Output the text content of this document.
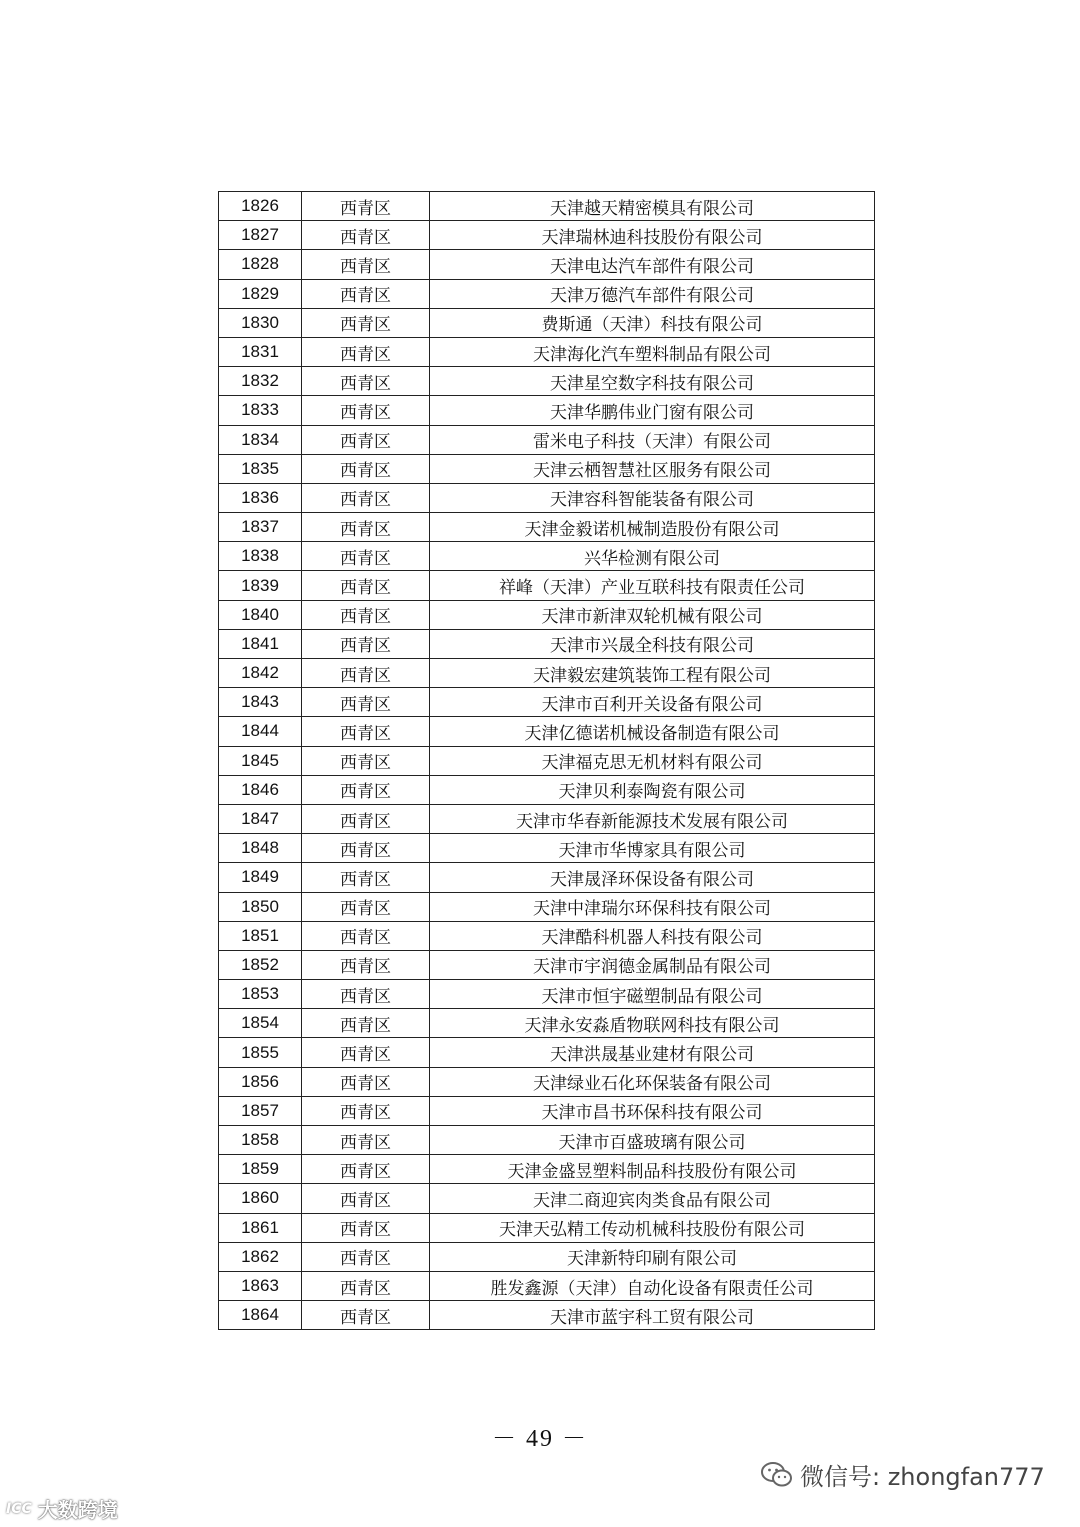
1826	西青区	天津越天精密模具有限公司
1827	西青区	天津瑞林迪科技股份有限公司
1828	西青区	天津电达汽车部件有限公司
1829	西青区	天津万德汽车部件有限公司
1830	西青区	费斯通（天津）科技有限公司
1831	西青区	天津海化汽车塑料制品有限公司
1832	西青区	天津星空数字科技有限公司
1833	西青区	天津华鹏伟业门窗有限公司
1834	西青区	雷米电子科技（天津）有限公司
1835	西青区	天津云栖智慧社区服务有限公司
1836	西青区	天津容科智能装备有限公司
1837	西青区	天津金毅诺机械制造股份有限公司
1838	西青区	兴华检测有限公司
1839	西青区	祥峰（天津）产业互联科技有限责任公司
1840	西青区	天津市新津双轮机械有限公司
1841	西青区	天津市兴晟全科技有限公司
1842	西青区	天津毅宏建筑装饰工程有限公司
1843	西青区	天津市百利开关设备有限公司
1844	西青区	天津亿德诺机械设备制造有限公司
1845	西青区	天津福克思无机材料有限公司
1846	西青区	天津贝利泰陶瓷有限公司
1847	西青区	天津市华春新能源技术发展有限公司
1848	西青区	天津市华博家具有限公司
1849	西青区	天津晟泽环保设备有限公司
1850	西青区	天津中津瑞尔环保科技有限公司
1851	西青区	天津酷科机器人科技有限公司
1852	西青区	天津市宇润德金属制品有限公司
1853	西青区	天津市恒宇磁塑制品有限公司
1854	西青区	天津永安淼盾物联网科技有限公司
1855	西青区	天津洪晟基业建材有限公司
1856	西青区	天津绿业石化环保装备有限公司
1857	西青区	天津市昌书环保科技有限公司
1858	西青区	天津市百盛玻璃有限公司
1859	西青区	天津金盛昱塑料制品科技股份有限公司
1860	西青区	天津二商迎宾肉类食品有限公司
1861	西青区	天津天弘精工传动机械科技股份有限公司
1862	西青区	天津新特印刷有限公司
1863	西青区	胜发鑫源（天津）自动化设备有限责任公司
1864	西青区	天津市蓝宇科工贸有限公司
－ 49 －
微信号: zhongfan777
ICC 大数跨境
